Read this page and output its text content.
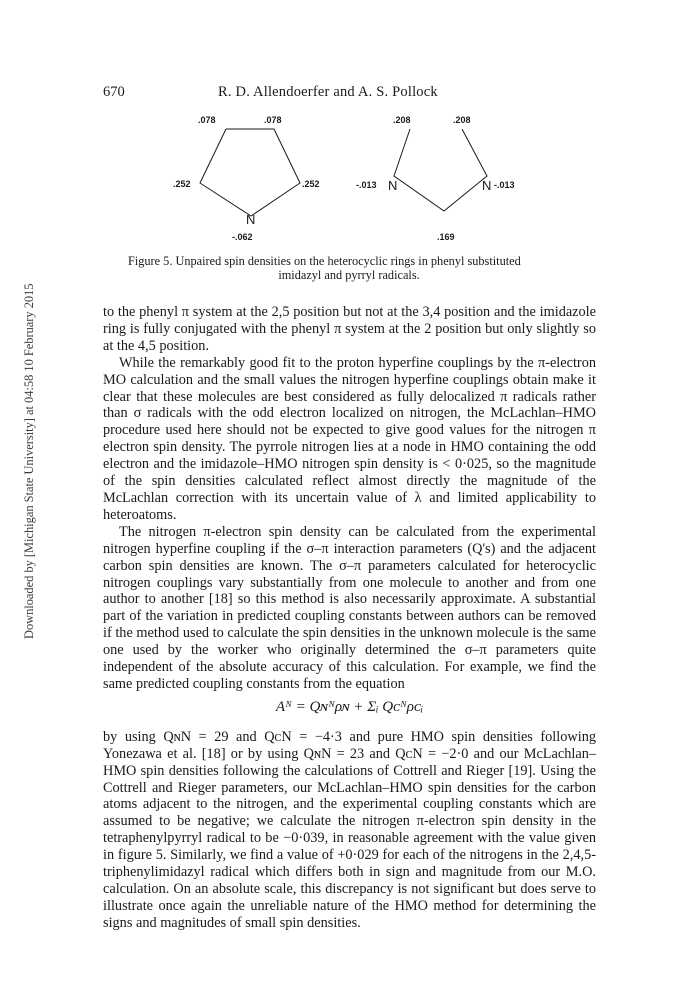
Downloaded by [Michigan State University] at 04:58 10 February 2015
670	R. D. Allendoerfer and A. S. Pollock
.078	.078
.252	.252
N
-.062
.208	.208
-.013 N	N -.013
.169
Figure 5. Unpaired spin densities on the heterocyclic rings in phenyl substituted
imidazyl and pyrryl radicals.

to the phenyl π system at the 2,5 position but not at the 3,4 position and the imidazole ring is fully conjugated with the phenyl π system at the 2 position but only slightly so at the 4,5 position.

While the remarkably good fit to the proton hyperfine couplings by the π-electron MO calculation and the small values the nitrogen hyperfine couplings obtain make it clear that these molecules are best considered as fully delocalized π radicals rather than σ radicals with the odd electron localized on nitrogen, the McLachlan–HMO procedure used here should not be expected to give good values for the nitrogen π electron spin density. The pyrrole nitrogen lies at a node in HMO containing the odd electron and the imidazole–HMO nitrogen spin density is < 0·025, so the magnitude of the spin densities calculated reflect almost directly the magnitude of the McLachlan correction with its uncertain value of λ and limited applicability to heteroatoms.

The nitrogen π-electron spin density can be calculated from the experimental nitrogen hyperfine coupling if the σ–π interaction parameters (Q's) and the adjacent carbon spin densities are known. The σ–π parameters calculated for heterocyclic nitrogen couplings vary substantially from one molecule to another and from one author to another [18] so this method is also necessarily approximate. A substantial part of the variation in predicted coupling constants between authors can be removed if the method used to calculate the spin densities in the unknown molecule is the same one used by the worker who originally determined the σ–π parameters quite independent of the absolute accuracy of this calculation. For example, we find the same predicted coupling constants from the equation

Aᴺ = Qɴᴺρɴ + Σᵢ Qᴄᴺρᴄᵢ

by using QɴN = 29 and QᴄN = −4·3 and pure HMO spin densities following Yonezawa et al. [18] or by using QɴN = 23 and QᴄN = −2·0 and our McLachlan–HMO spin densities following the calculations of Cottrell and Rieger [19]. Using the Cottrell and Rieger parameters, our McLachlan–HMO spin densities for the carbon atoms adjacent to the nitrogen, and the experimental coupling constants which are assumed to be negative; we calculate the nitrogen π-electron spin density in the tetraphenylpyrryl radical to be −0·039, in reasonable agreement with the value given in figure 5. Similarly, we find a value of +0·029 for each of the nitrogens in the 2,4,5-triphenylimidazyl radical which differs both in sign and magnitude from our M.O. calculation. On an absolute scale, this discrepancy is not significant but does serve to illustrate once again the unreliable nature of the HMO method for determining the signs and magnitudes of small spin densities.
